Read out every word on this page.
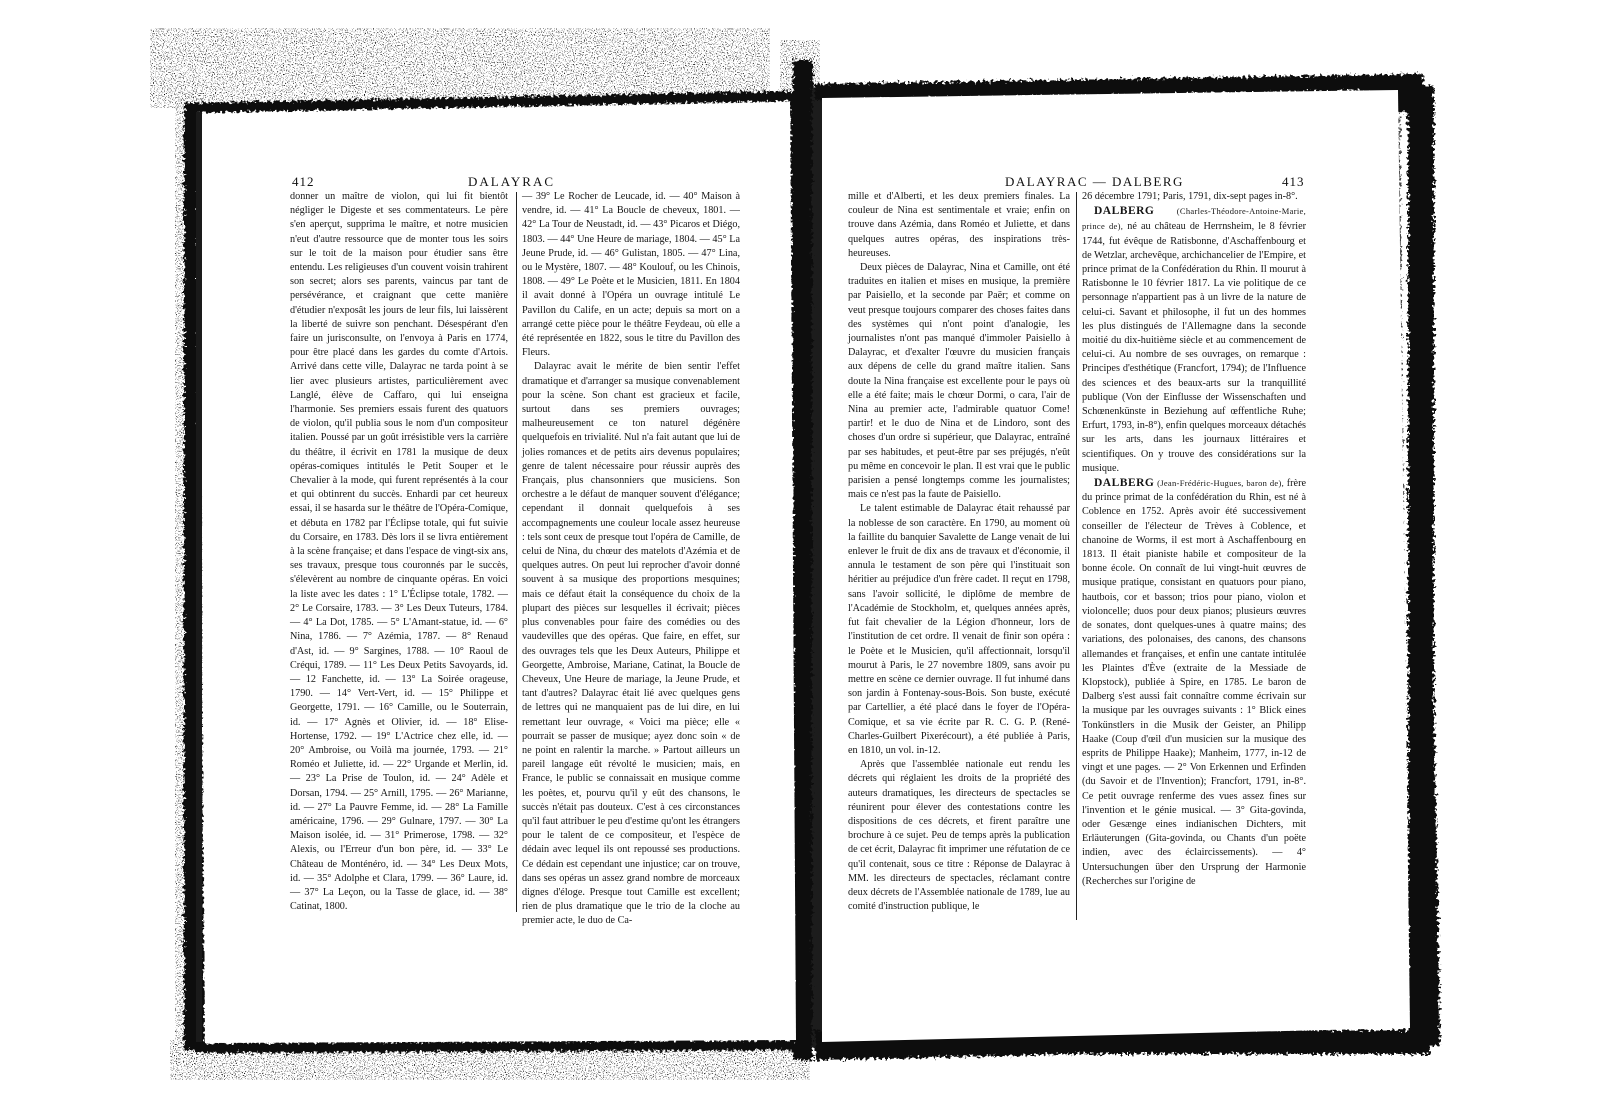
412	DALAYRAC

donner un maître de violon, qui lui fit bientôt négliger le Digeste et ses commentateurs. Le père s'en aperçut, supprima le maître, et notre musicien n'eut d'autre ressource que de monter tous les soirs sur le toit de la maison pour étudier sans être entendu. Les religieuses d'un couvent voisin trahirent son secret; alors ses parents, vaincus par tant de persévérance, et craignant que cette manière d'étudier n'exposât les jours de leur fils, lui laissèrent la liberté de suivre son penchant. Désespérant d'en faire un jurisconsulte, on l'envoya à Paris en 1774, pour être placé dans les gardes du comte d'Artois. Arrivé dans cette ville, Dalayrac ne tarda point à se lier avec plusieurs artistes, particulièrement avec Langlé, élève de Caffaro, qui lui enseigna l'harmonie. Ses premiers essais furent des quatuors de violon, qu'il publia sous le nom d'un compositeur italien. Poussé par un goût irrésistible vers la carrière du théâtre, il écrivit en 1781 la musique de deux opéras-comiques intitulés le Petit Souper et le Chevalier à la mode, qui furent représentés à la cour et qui obtinrent du succès. Enhardi par cet heureux essai, il se hasarda sur le théâtre de l'Opéra-Comique, et débuta en 1782 par l'Éclipse totale, qui fut suivie du Corsaire, en 1783. Dès lors il se livra entièrement à la scène française; et dans l'espace de vingt-six ans, ses travaux, presque tous couronnés par le succès, s'élevèrent au nombre de cinquante opéras. En voici la liste avec les dates : 1° L'Éclipse totale, 1782. — 2° Le Corsaire, 1783. — 3° Les Deux Tuteurs, 1784. — 4° La Dot, 1785. — 5° L'Amant-statue, id. — 6° Nina, 1786. — 7° Azémia, 1787. — 8° Renaud d'Ast, id. — 9° Sargines, 1788. — 10° Raoul de Créqui, 1789. — 11° Les Deux Petits Savoyards, id. — 12 Fanchette, id. — 13° La Soirée orageuse, 1790. — 14° Vert-Vert, id. — 15° Philippe et Georgette, 1791. — 16° Camille, ou le Souterrain, id. — 17° Agnès et Olivier, id. — 18° Elise-Hortense, 1792. — 19° L'Actrice chez elle, id. — 20° Ambroise, ou Voilà ma journée, 1793. — 21° Roméo et Juliette, id. — 22° Urgande et Merlin, id. — 23° La Prise de Toulon, id. — 24° Adèle et Dorsan, 1794. — 25° Arnill, 1795. — 26° Marianne, id. — 27° La Pauvre Femme, id. — 28° La Famille américaine, 1796. — 29° Gulnare, 1797. — 30° La Maison isolée, id. — 31° Primerose, 1798. — 32° Alexis, ou l'Erreur d'un bon père, id. — 33° Le Château de Monténéro, id. — 34° Les Deux Mots, id. — 35° Adolphe et Clara, 1799. — 36° Laure, id. — 37° La Leçon, ou la Tasse de glace, id. — 38° Catinat, 1800.

— 39° Le Rocher de Leucade, id. — 40° Maison à vendre, id. — 41° La Boucle de cheveux, 1801. — 42° La Tour de Neustadt, id. — 43° Picaros et Diégo, 1803. — 44° Une Heure de mariage, 1804. — 45° La Jeune Prude, id. — 46° Gulistan, 1805. — 47° Lina, ou le Mystère, 1807. — 48° Koulouf, ou les Chinois, 1808. — 49° Le Poète et le Musicien, 1811. En 1804 il avait donné à l'Opéra un ouvrage intitulé Le Pavillon du Calife, en un acte; depuis sa mort on a arrangé cette pièce pour le théâtre Feydeau, où elle a été représentée en 1822, sous le titre du Pavillon des Fleurs.

Dalayrac avait le mérite de bien sentir l'effet dramatique et d'arranger sa musique convenablement pour la scène. Son chant est gracieux et facile, surtout dans ses premiers ouvrages; malheureusement ce ton naturel dégénère quelquefois en trivialité. Nul n'a fait autant que lui de jolies romances et de petits airs devenus populaires; genre de talent nécessaire pour réussir auprès des Français, plus chansonniers que musiciens. Son orchestre a le défaut de manquer souvent d'élégance; cependant il donnait quelquefois à ses accompagnements une couleur locale assez heureuse : tels sont ceux de presque tout l'opéra de Camille, de celui de Nina, du chœur des matelots d'Azémia et de quelques autres. On peut lui reprocher d'avoir donné souvent à sa musique des proportions mesquines; mais ce défaut était la conséquence du choix de la plupart des pièces sur lesquelles il écrivait; pièces plus convenables pour faire des comédies ou des vaudevilles que des opéras. Que faire, en effet, sur des ouvrages tels que les Deux Auteurs, Philippe et Georgette, Ambroise, Mariane, Catinat, la Boucle de Cheveux, Une Heure de mariage, la Jeune Prude, et tant d'autres? Dalayrac était lié avec quelques gens de lettres qui ne manquaient pas de lui dire, en lui remettant leur ouvrage, « Voici ma pièce; elle « pourrait se passer de musique; ayez donc soin « de ne point en ralentir la marche. » Partout ailleurs un pareil langage eût révolté le musicien; mais, en France, le public se connaissait en musique comme les poètes, et, pourvu qu'il y eût des chansons, le succès n'était pas douteux. C'est à ces circonstances qu'il faut attribuer le peu d'estime qu'ont les étrangers pour le talent de ce compositeur, et l'espèce de dédain avec lequel ils ont repoussé ses productions. Ce dédain est cependant une injustice; car on trouve, dans ses opéras un assez grand nombre de morceaux dignes d'éloge. Presque tout Camille est excellent; rien de plus dramatique que le trio de la cloche au premier acte, le duo de Ca-

DALAYRAC — DALBERG	413

mille et d'Alberti, et les deux premiers finales. La couleur de Nina est sentimentale et vraie; enfin on trouve dans Azémia, dans Roméo et Juliette, et dans quelques autres opéras, des inspirations très-heureuses.

Deux pièces de Dalayrac, Nina et Camille, ont été traduites en italien et mises en musique, la première par Paisiello, et la seconde par Paër; et comme on veut presque toujours comparer des choses faites dans des systèmes qui n'ont point d'analogie, les journalistes n'ont pas manqué d'immoler Paisiello à Dalayrac, et d'exalter l'œuvre du musicien français aux dépens de celle du grand maître italien. Sans doute la Nina française est excellente pour le pays où elle a été faite; mais le chœur Dormi, o cara, l'air de Nina au premier acte, l'admirable quatuor Come! partir! et le duo de Nina et de Lindoro, sont des choses d'un ordre si supérieur, que Dalayrac, entraîné par ses habitudes, et peut-être par ses préjugés, n'eût pu même en concevoir le plan. Il est vrai que le public parisien a pensé longtemps comme les journalistes; mais ce n'est pas la faute de Paisiello.

Le talent estimable de Dalayrac était rehaussé par la noblesse de son caractère. En 1790, au moment où la faillite du banquier Savalette de Lange venait de lui enlever le fruit de dix ans de travaux et d'économie, il annula le testament de son père qui l'instituait son héritier au préjudice d'un frère cadet. Il reçut en 1798, sans l'avoir sollicité, le diplôme de membre de l'Académie de Stockholm, et, quelques années après, fut fait chevalier de la Légion d'honneur, lors de l'institution de cet ordre. Il venait de finir son opéra : le Poète et le Musicien, qu'il affectionnait, lorsqu'il mourut à Paris, le 27 novembre 1809, sans avoir pu mettre en scène ce dernier ouvrage. Il fut inhumé dans son jardin à Fontenay-sous-Bois. Son buste, exécuté par Cartellier, a été placé dans le foyer de l'Opéra-Comique, et sa vie écrite par R. C. G. P. (René-Charles-Guilbert Pixerécourt), a été publiée à Paris, en 1810, un vol. in-12.

Après que l'assemblée nationale eut rendu les décrets qui réglaient les droits de la propriété des auteurs dramatiques, les directeurs de spectacles se réunirent pour élever des contestations contre les dispositions de ces décrets, et firent paraître une brochure à ce sujet. Peu de temps après la publication de cet écrit, Dalayrac fit imprimer une réfutation de ce qu'il contenait, sous ce titre : Réponse de Dalayrac à MM. les directeurs de spectacles, réclamant contre deux décrets de l'Assemblée nationale de 1789, lue au comité d'instruction publique, le

26 décembre 1791; Paris, 1791, dix-sept pages in-8°.

DALBERG	(Charles-Théodore-Antoine-Marie, prince de), né au château de Herrnsheim, le 8 février 1744, fut évêque de Ratisbonne, d'Aschaffenbourg et de Wetzlar, archevêque, archichancelier de l'Empire, et prince primat de la Confédération du Rhin. Il mourut à Ratisbonne le 10 février 1817. La vie politique de ce personnage n'appartient pas à un livre de la nature de celui-ci. Savant et philosophe, il fut un des hommes les plus distingués de l'Allemagne dans la seconde moitié du dix-huitième siècle et au commencement de celui-ci. Au nombre de ses ouvrages, on remarque : Principes d'esthétique (Francfort, 1794); de l'Influence des sciences et des beaux-arts sur la tranquillité publique (Von der Einflusse der Wissenschaften und Schœnenkünste in Beziehung auf œffentliche Ruhe; Erfurt, 1793, in-8°), enfin quelques morceaux détachés sur les arts, dans les journaux littéraires et scientifiques. On y trouve des considérations sur la musique.

DALBERG (Jean-Frédéric-Hugues, baron de), frère du prince primat de la confédération du Rhin, est né à Coblence en 1752. Après avoir été successivement conseiller de l'électeur de Trèves à Coblence, et chanoine de Worms, il est mort à Aschaffenbourg en 1813. Il était pianiste habile et compositeur de la bonne école. On connaît de lui vingt-huit œuvres de musique pratique, consistant en quatuors pour piano, hautbois, cor et basson; trios pour piano, violon et violoncelle; duos pour deux pianos; plusieurs œuvres de sonates, dont quelques-unes à quatre mains; des variations, des polonaises, des canons, des chansons allemandes et françaises, et enfin une cantate intitulée les Plaintes d'Ève (extraite de la Messiade de Klopstock), publiée à Spire, en 1785. Le baron de Dalberg s'est aussi fait connaître comme écrivain sur la musique par les ouvrages suivants : 1° Blick eines Tonkünstlers in die Musik der Geister, an Philipp Haake (Coup d'œil d'un musicien sur la musique des esprits de Philippe Haake); Manheim, 1777, in-12 de vingt et une pages. — 2° Von Erkennen und Erfinden (du Savoir et de l'Invention); Francfort, 1791, in-8°. Ce petit ouvrage renferme des vues assez fines sur l'invention et le génie musical. — 3° Gita-govinda, oder Gesænge eines indianischen Dichters, mit Erläuterungen (Gita-govinda, ou Chants d'un poëte indien, avec des éclaircissements). — 4° Untersuchungen über den Ursprung der Harmonie (Recherches sur l'origine de
